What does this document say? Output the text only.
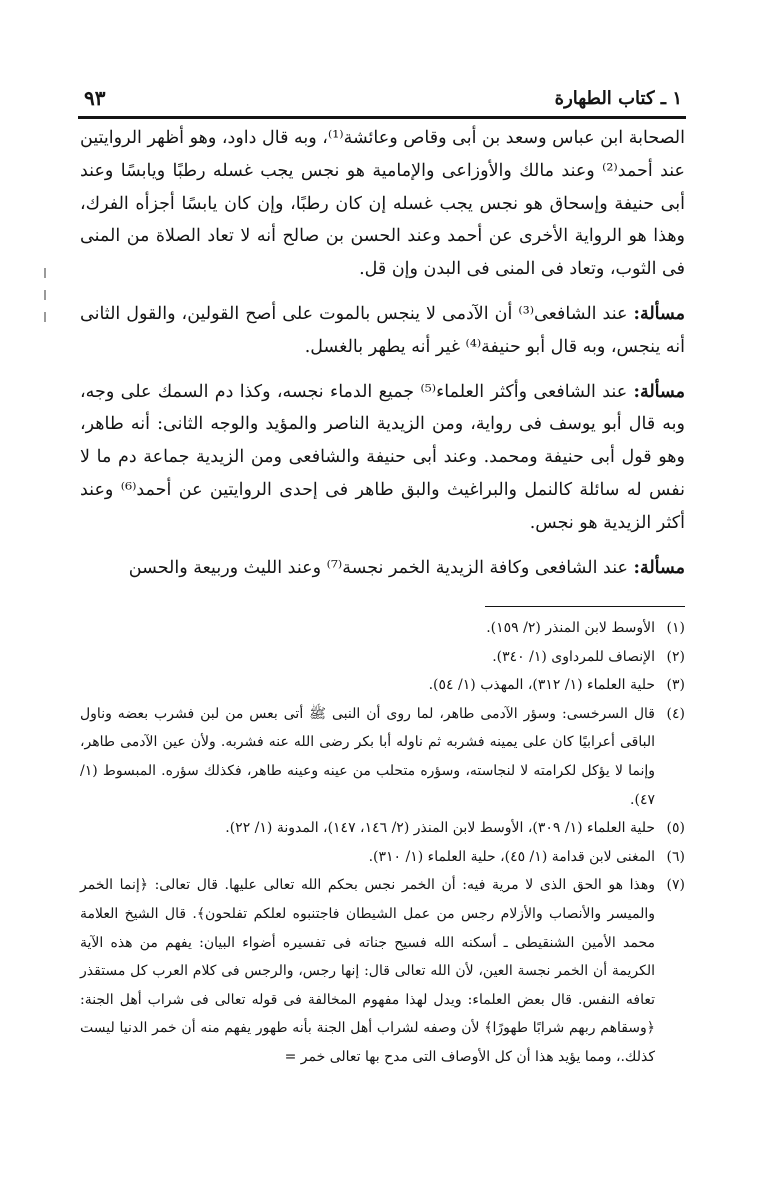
١ ـ كتاب الطهارة
٩٣

الصحابة ابن عباس وسعد بن أبى وقاص وعائشة⁽¹⁾، وبه قال داود، وهو أظهر الروايتين عند أحمد⁽²⁾ وعند مالك والأوزاعى والإمامية هو نجس يجب غسله رطبًا ويابسًا وعند أبى حنيفة وإسحاق هو نجس يجب غسله إن كان رطبًا، وإن كان يابسًا أجزأه الفرك، وهذا هو الرواية الأخرى عن أحمد وعند الحسن بن صالح أنه لا تعاد الصلاة من المنى فى الثوب، وتعاد فى المنى فى البدن وإن قل.

مسألة: عند الشافعى⁽³⁾ أن الآدمى لا ينجس بالموت على أصح القولين، والقول الثانى أنه ينجس، وبه قال أبو حنيفة⁽⁴⁾ غير أنه يطهر بالغسل.

مسألة: عند الشافعى وأكثر العلماء⁽⁵⁾ جميع الدماء نجسه، وكذا دم السمك على وجه، وبه قال أبو يوسف فى رواية، ومن الزيدية الناصر والمؤيد والوجه الثانى: أنه طاهر، وهو قول أبى حنيفة ومحمد. وعند أبى حنيفة والشافعى ومن الزيدية جماعة دم ما لا نفس له سائلة كالنمل والبراغيث والبق طاهر فى إحدى الروايتين عن أحمد⁽⁶⁾ وعند أكثر الزيدية هو نجس.

مسألة: عند الشافعى وكافة الزيدية الخمر نجسة⁽⁷⁾ وعند الليث وربيعة والحسن

(١)
الأوسط لابن المنذر (٢/ ١٥٩).
(٢)
الإنصاف للمرداوى (١/ ٣٤٠).
(٣)
حلية العلماء (١/ ٣١٢)، المهذب (١/ ٥٤).
(٤)
قال السرخسى: وسؤر الآدمى طاهر، لما روى أن النبى ﷺ أتى بعس من لبن فشرب بعضه وناول الباقى أعرابيًا كان على يمينه فشربه ثم ناوله أبا بكر رضى الله عنه فشربه. ولأن عين الآدمى طاهر، وإنما لا يؤكل لكرامته لا لنجاسته، وسؤره متحلب من عينه وعينه طاهر، فكذلك سؤره. المبسوط (١/ ٤٧).
(٥)
حلية العلماء (١/ ٣٠٩)، الأوسط لابن المنذر (٢/ ١٤٦، ١٤٧)، المدونة (١/ ٢٢).
(٦)
المغنى لابن قدامة (١/ ٤٥)، حلية العلماء (١/ ٣١٠).
(٧)
وهذا هو الحق الذى لا مرية فيه: أن الخمر نجس بحكم الله تعالى عليها. قال تعالى: ﴿إنما الخمر والميسر والأنصاب والأزلام رجس من عمل الشيطان فاجتنبوه لعلكم تفلحون﴾. قال الشيخ العلامة محمد الأمين الشنقيطى ـ أسكنه الله فسيح جناته فى تفسيره أضواء البيان: يفهم من هذه الآية الكريمة أن الخمر نجسة العين، لأن الله تعالى قال: إنها رجس، والرجس فى كلام العرب كل مستقذر تعافه النفس. قال بعض العلماء: ويدل لهذا مفهوم المخالفة فى قوله تعالى فى شراب أهل الجنة: ﴿وسقاهم ربهم شرابًا طهورًا﴾ لأن وصفه لشراب أهل الجنة بأنه طهور يفهم منه أن خمر الدنيا ليست كذلك.، ومما يؤيد هذا أن كل الأوصاف التى مدح بها تعالى خمر =
